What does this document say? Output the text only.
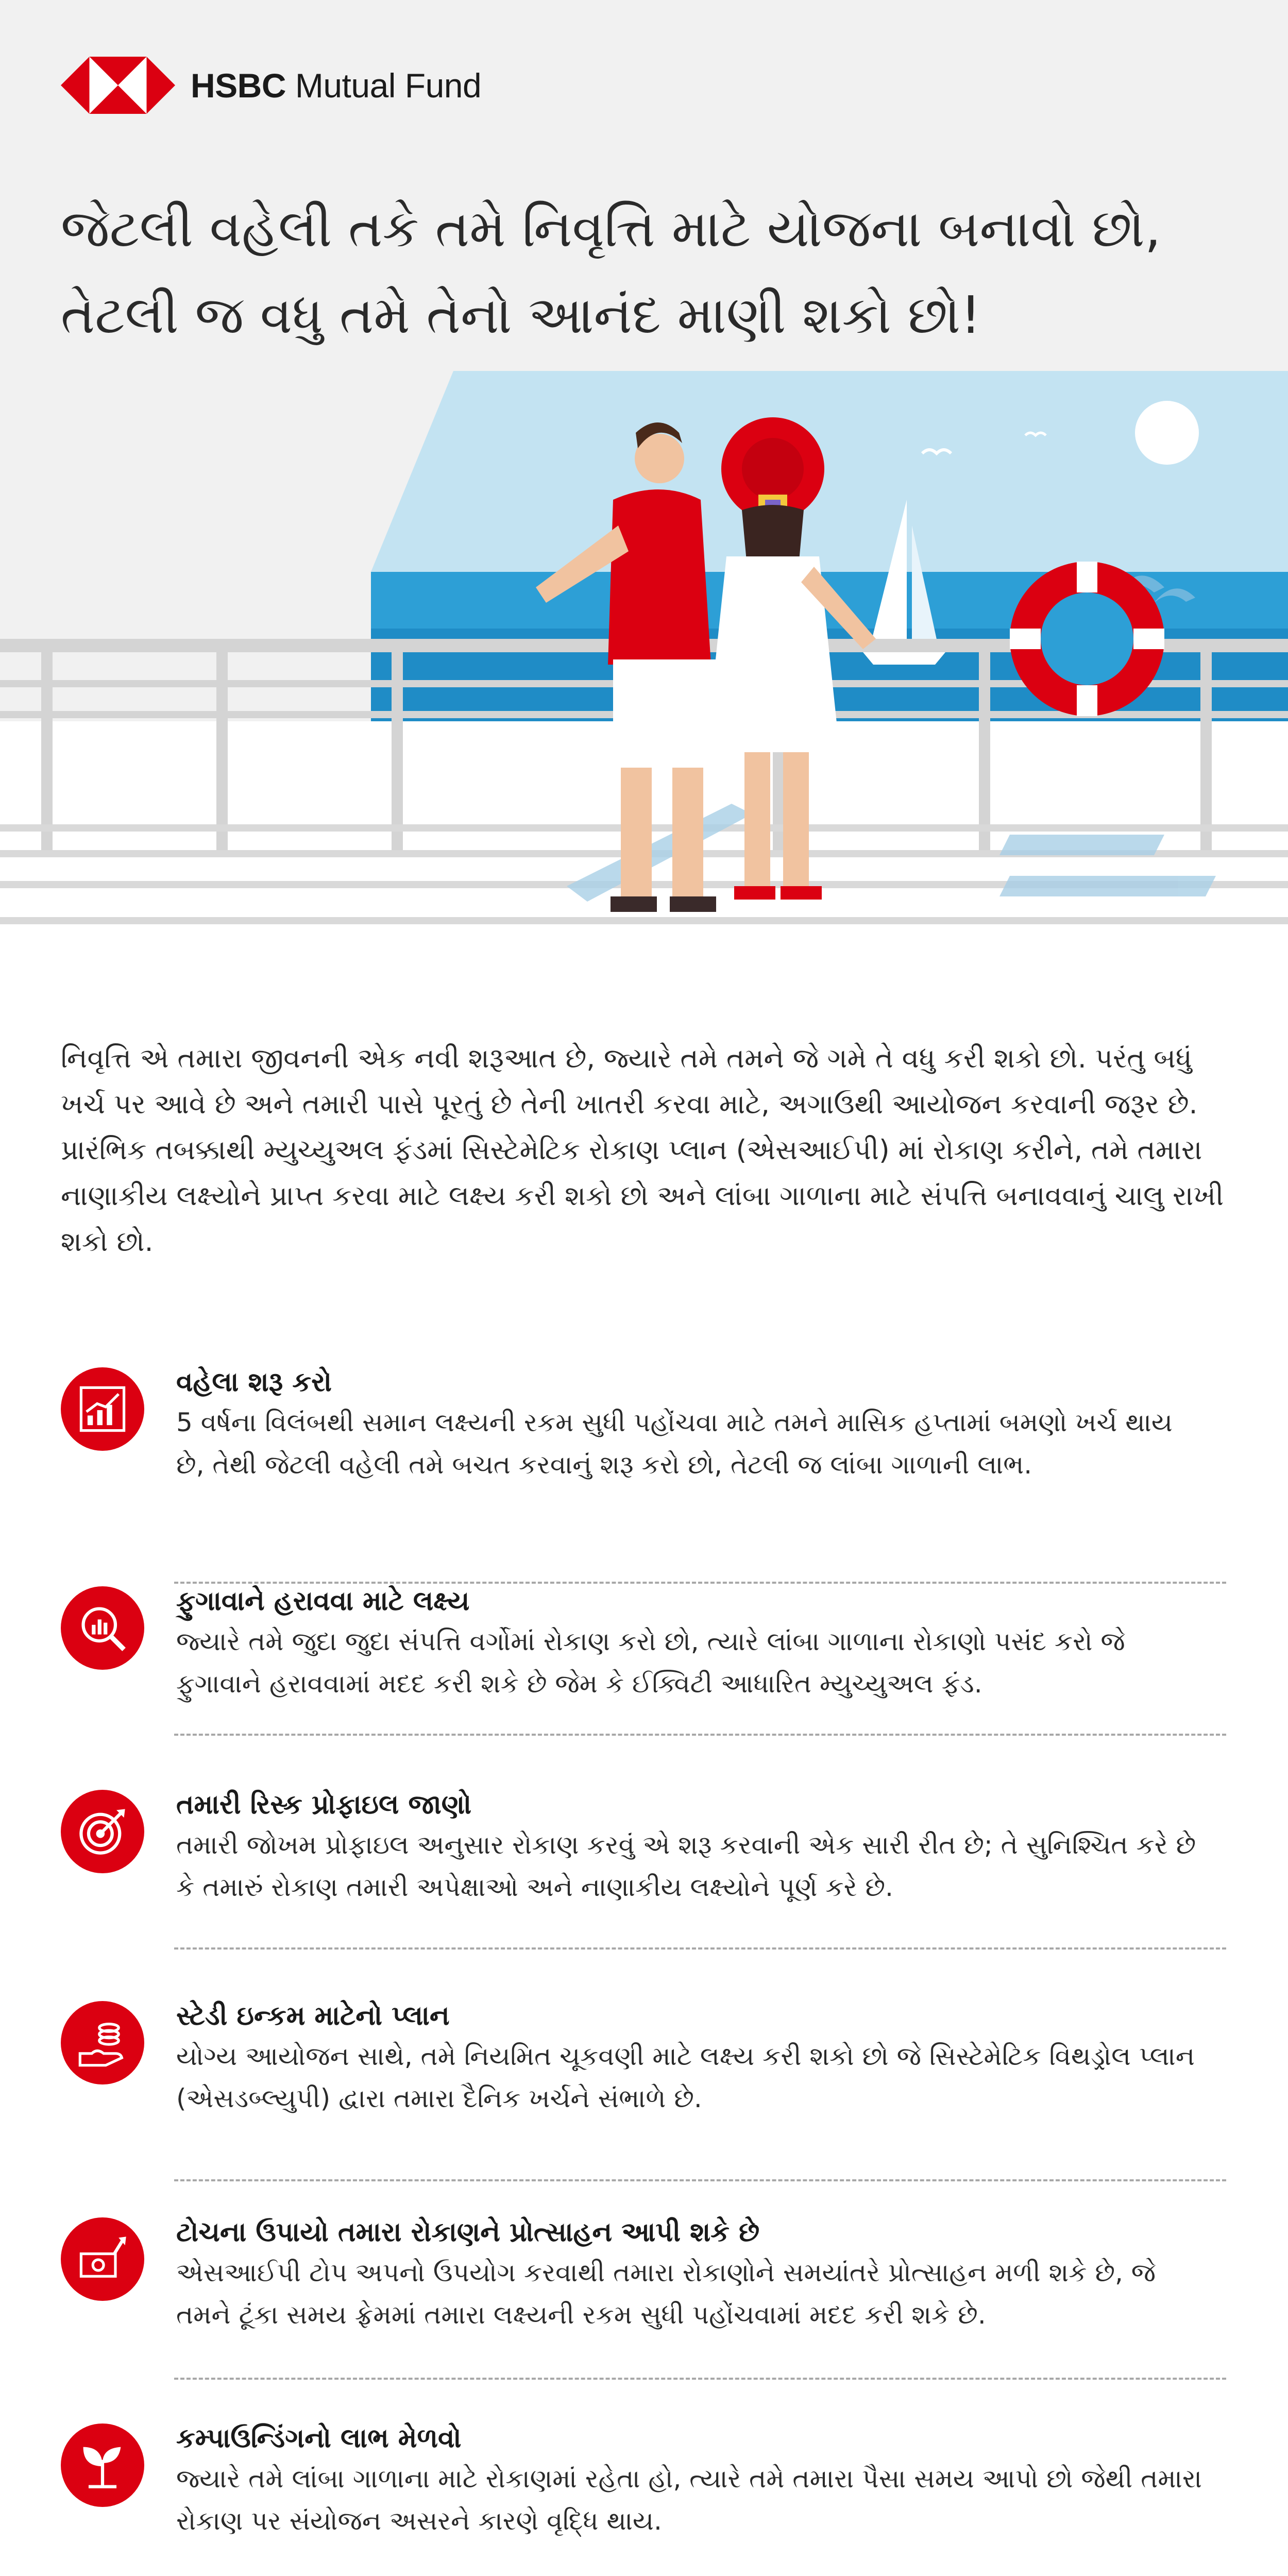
HSBC Mutual Fund
જેટલી વહેલી તકે તમે નિવૃત્તિ માટે યોજના બનાવો છો, તેટલી જ વધુ તમે તેનો આનંદ માણી શકો છો!

નિવૃત્તિ એ તમારા જીવનની એક નવી શરૂઆત છે, જ્યારે તમે તમને જે ગમે તે વધુ કરી શકો છો. પરંતુ બધું ખર્ચ પર આવે છે અને તમારી પાસે પૂરતું છે તેની ખાતરી કરવા માટે, અગાઉથી આયોજન કરવાની જરૂર છે. પ્રારંભિક તબક્કાથી મ્યુચ્યુઅલ ફંડમાં સિસ્ટેમેટિક રોકાણ પ્લાન (એસઆઈપી) માં રોકાણ કરીને, તમે તમારા નાણાકીય લક્ષ્યોને પ્રાપ્ત કરવા માટે લક્ષ્ય કરી શકો છો અને લાંબા ગાળાના માટે સંપત્તિ બનાવવાનું ચાલુ રાખી શકો છો.

વહેલા શરૂ કરો

5 વર્ષના વિલંબથી સમાન લક્ષ્યની રકમ સુધી પહોંચવા માટે તમને માસિક હપ્તામાં બમણો ખર્ચ થાય છે, તેથી જેટલી વહેલી તમે બચત કરવાનું શરૂ કરો છો, તેટલી જ લાંબા ગાળાની લાભ.

ફુગાવાને હરાવવા માટે લક્ષ્ય

જ્યારે તમે જુદા જુદા સંપત્તિ વર્ગોમાં રોકાણ કરો છો, ત્યારે લાંબા ગાળાના રોકાણો પસંદ કરો જે ફુગાવાને હરાવવામાં મદદ કરી શકે છે જેમ કે ઈક્વિટી આધારિત મ્યુચ્યુઅલ ફંડ.

તમારી રિસ્ક પ્રોફાઇલ જાણો

તમારી જોખમ પ્રોફાઇલ અનુસાર રોકાણ કરવું એ શરૂ કરવાની એક સારી રીત છે; તે સુનિશ્ચિત કરે છે કે તમારું રોકાણ તમારી અપેક્ષાઓ અને નાણાકીય લક્ષ્યોને પૂર્ણ કરે છે.

સ્ટેડી ઇન્કમ માટેનો પ્લાન

યોગ્ય આયોજન સાથે, તમે નિયમિત ચૂકવણી માટે લક્ષ્ય કરી શકો છો જે સિસ્ટેમેટિક વિથડ્રોલ પ્લાન (એસડબ્લ્યુપી) દ્વારા તમારા દૈનિક ખર્ચને સંભાળે છે.

ટોચના ઉપાયો તમારા રોકાણને પ્રોત્સાહન આપી શકે છે

એસઆઈપી ટોપ અપનો ઉપયોગ કરવાથી તમારા રોકાણોને સમયાંતરે પ્રોત્સાહન મળી શકે છે, જે તમને ટૂંકા સમય ફ્રેમમાં તમારા લક્ષ્યની રકમ સુધી પહોંચવામાં મદદ કરી શકે છે.

કમ્પાઉન્ડિંગનો લાભ મેળવો

જ્યારે તમે લાંબા ગાળાના માટે રોકાણમાં રહેતા હો, ત્યારે તમે તમારા પૈસા સમય આપો છો જેથી તમારા રોકાણ પર સંયોજન અસરને કારણે વૃદ્ધિ થાય.
